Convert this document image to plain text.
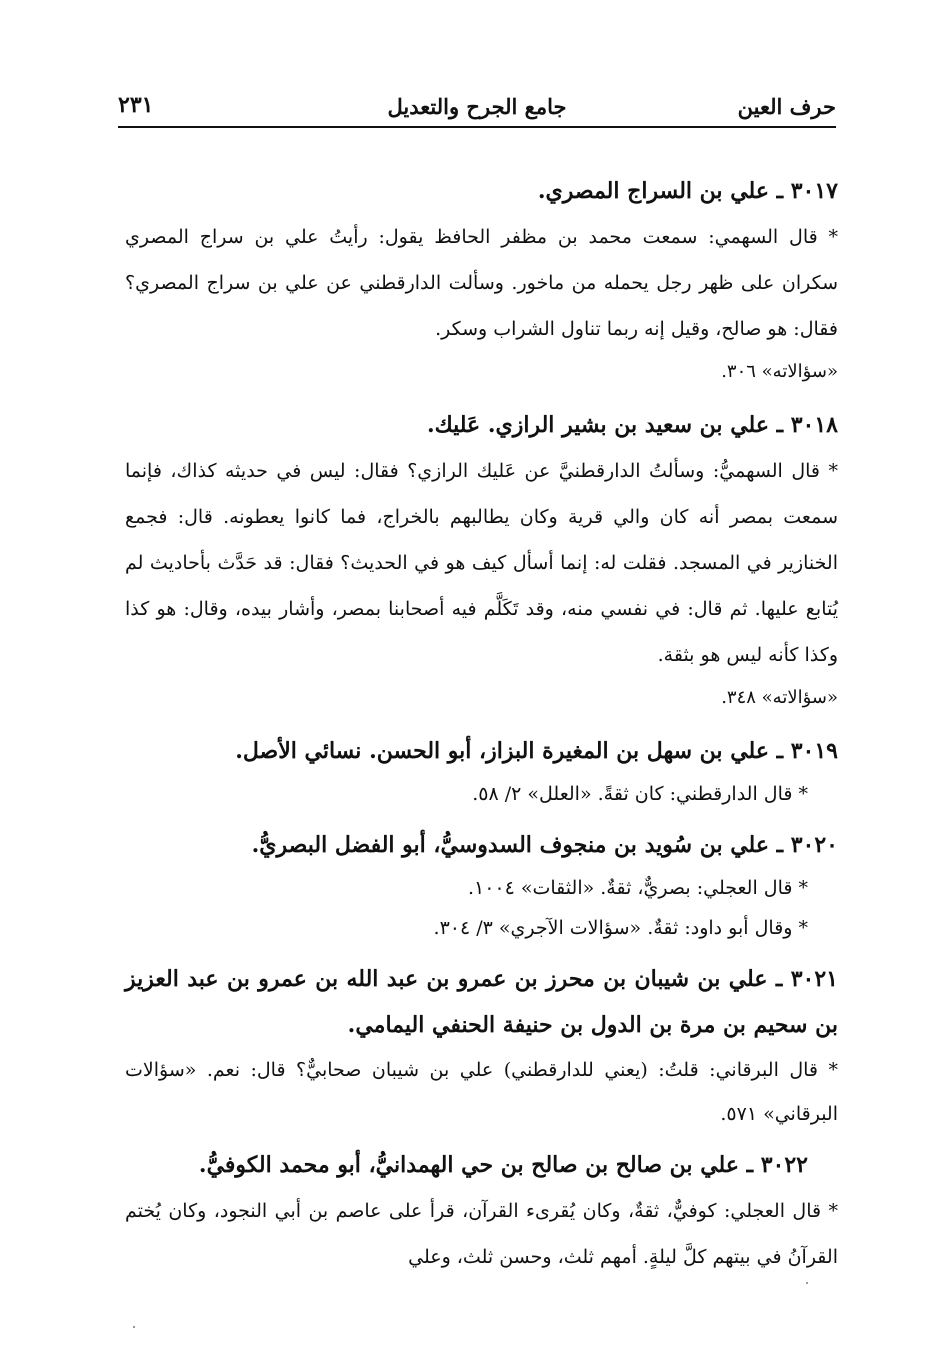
حرف العين
جامع الجرح والتعديل
٢٣١
٣٠١٧ ـ علي بن السراج المصري.
* قال السهمي: سمعت محمد بن مظفر الحافظ يقول: رأيتُ علي بن سراج المصري سكران على ظهر رجل يحمله من ماخور. وسألت الدارقطني عن علي بن سراج المصري؟ فقال: هو صالح، وقيل إنه ربما تناول الشراب وسكر.
«سؤالاته» ٣٠٦.
٣٠١٨ ـ علي بن سعيد بن بشير الرازي. عَليك.
* قال السهميُّ: وسألتُ الدارقطنيَّ عن عَليك الرازي؟ فقال: ليس في حديثه كذاك، فإنما سمعت بمصر أنه كان والي قرية وكان يطالبهم بالخراج، فما كانوا يعطونه. قال: فجمع الخنازير في المسجد. فقلت له: إنما أسأل كيف هو في الحديث؟ فقال: قد حَدَّث بأحاديث لم يُتابع عليها. ثم قال: في نفسي منه، وقد تَكَلَّم فيه أصحابنا بمصر، وأشار بيده، وقال: هو كذا وكذا كأنه ليس هو بثقة.
«سؤالاته» ٣٤٨.
٣٠١٩ ـ علي بن سهل بن المغيرة البزاز، أبو الحسن. نسائي الأصل.
* قال الدارقطني: كان ثقةً. «العلل» ٢/ ٥٨.
٣٠٢٠ ـ علي بن سُويد بن منجوف السدوسيُّ، أبو الفضل البصريُّ.
* قال العجلي: بصريٌّ، ثقةٌ. «الثقات» ١٠٠٤.
* وقال أبو داود: ثقةٌ. «سؤالات الآجري» ٣/ ٣٠٤.
٣٠٢١ ـ علي بن شيبان بن محرز بن عمرو بن عبد الله بن عمرو بن عبد العزيز بن سحيم بن مرة بن الدول بن حنيفة الحنفي اليمامي.
* قال البرقاني: قلتُ: (يعني للدارقطني) علي بن شيبان صحابيٌّ؟ قال: نعم. «سؤالات البرقاني» ٥٧١.
٣٠٢٢ ـ علي بن صالح بن صالح بن حي الهمدانيُّ، أبو محمد الكوفيُّ.
* قال العجلي: كوفيٌّ، ثقةٌ، وكان يُقرىء القرآن، قرأ على عاصم بن أبي النجود، وكان يُختم القرآنُ في بيتهم كلَّ ليلةٍ. أمهم ثلث، وحسن ثلث، وعلي
